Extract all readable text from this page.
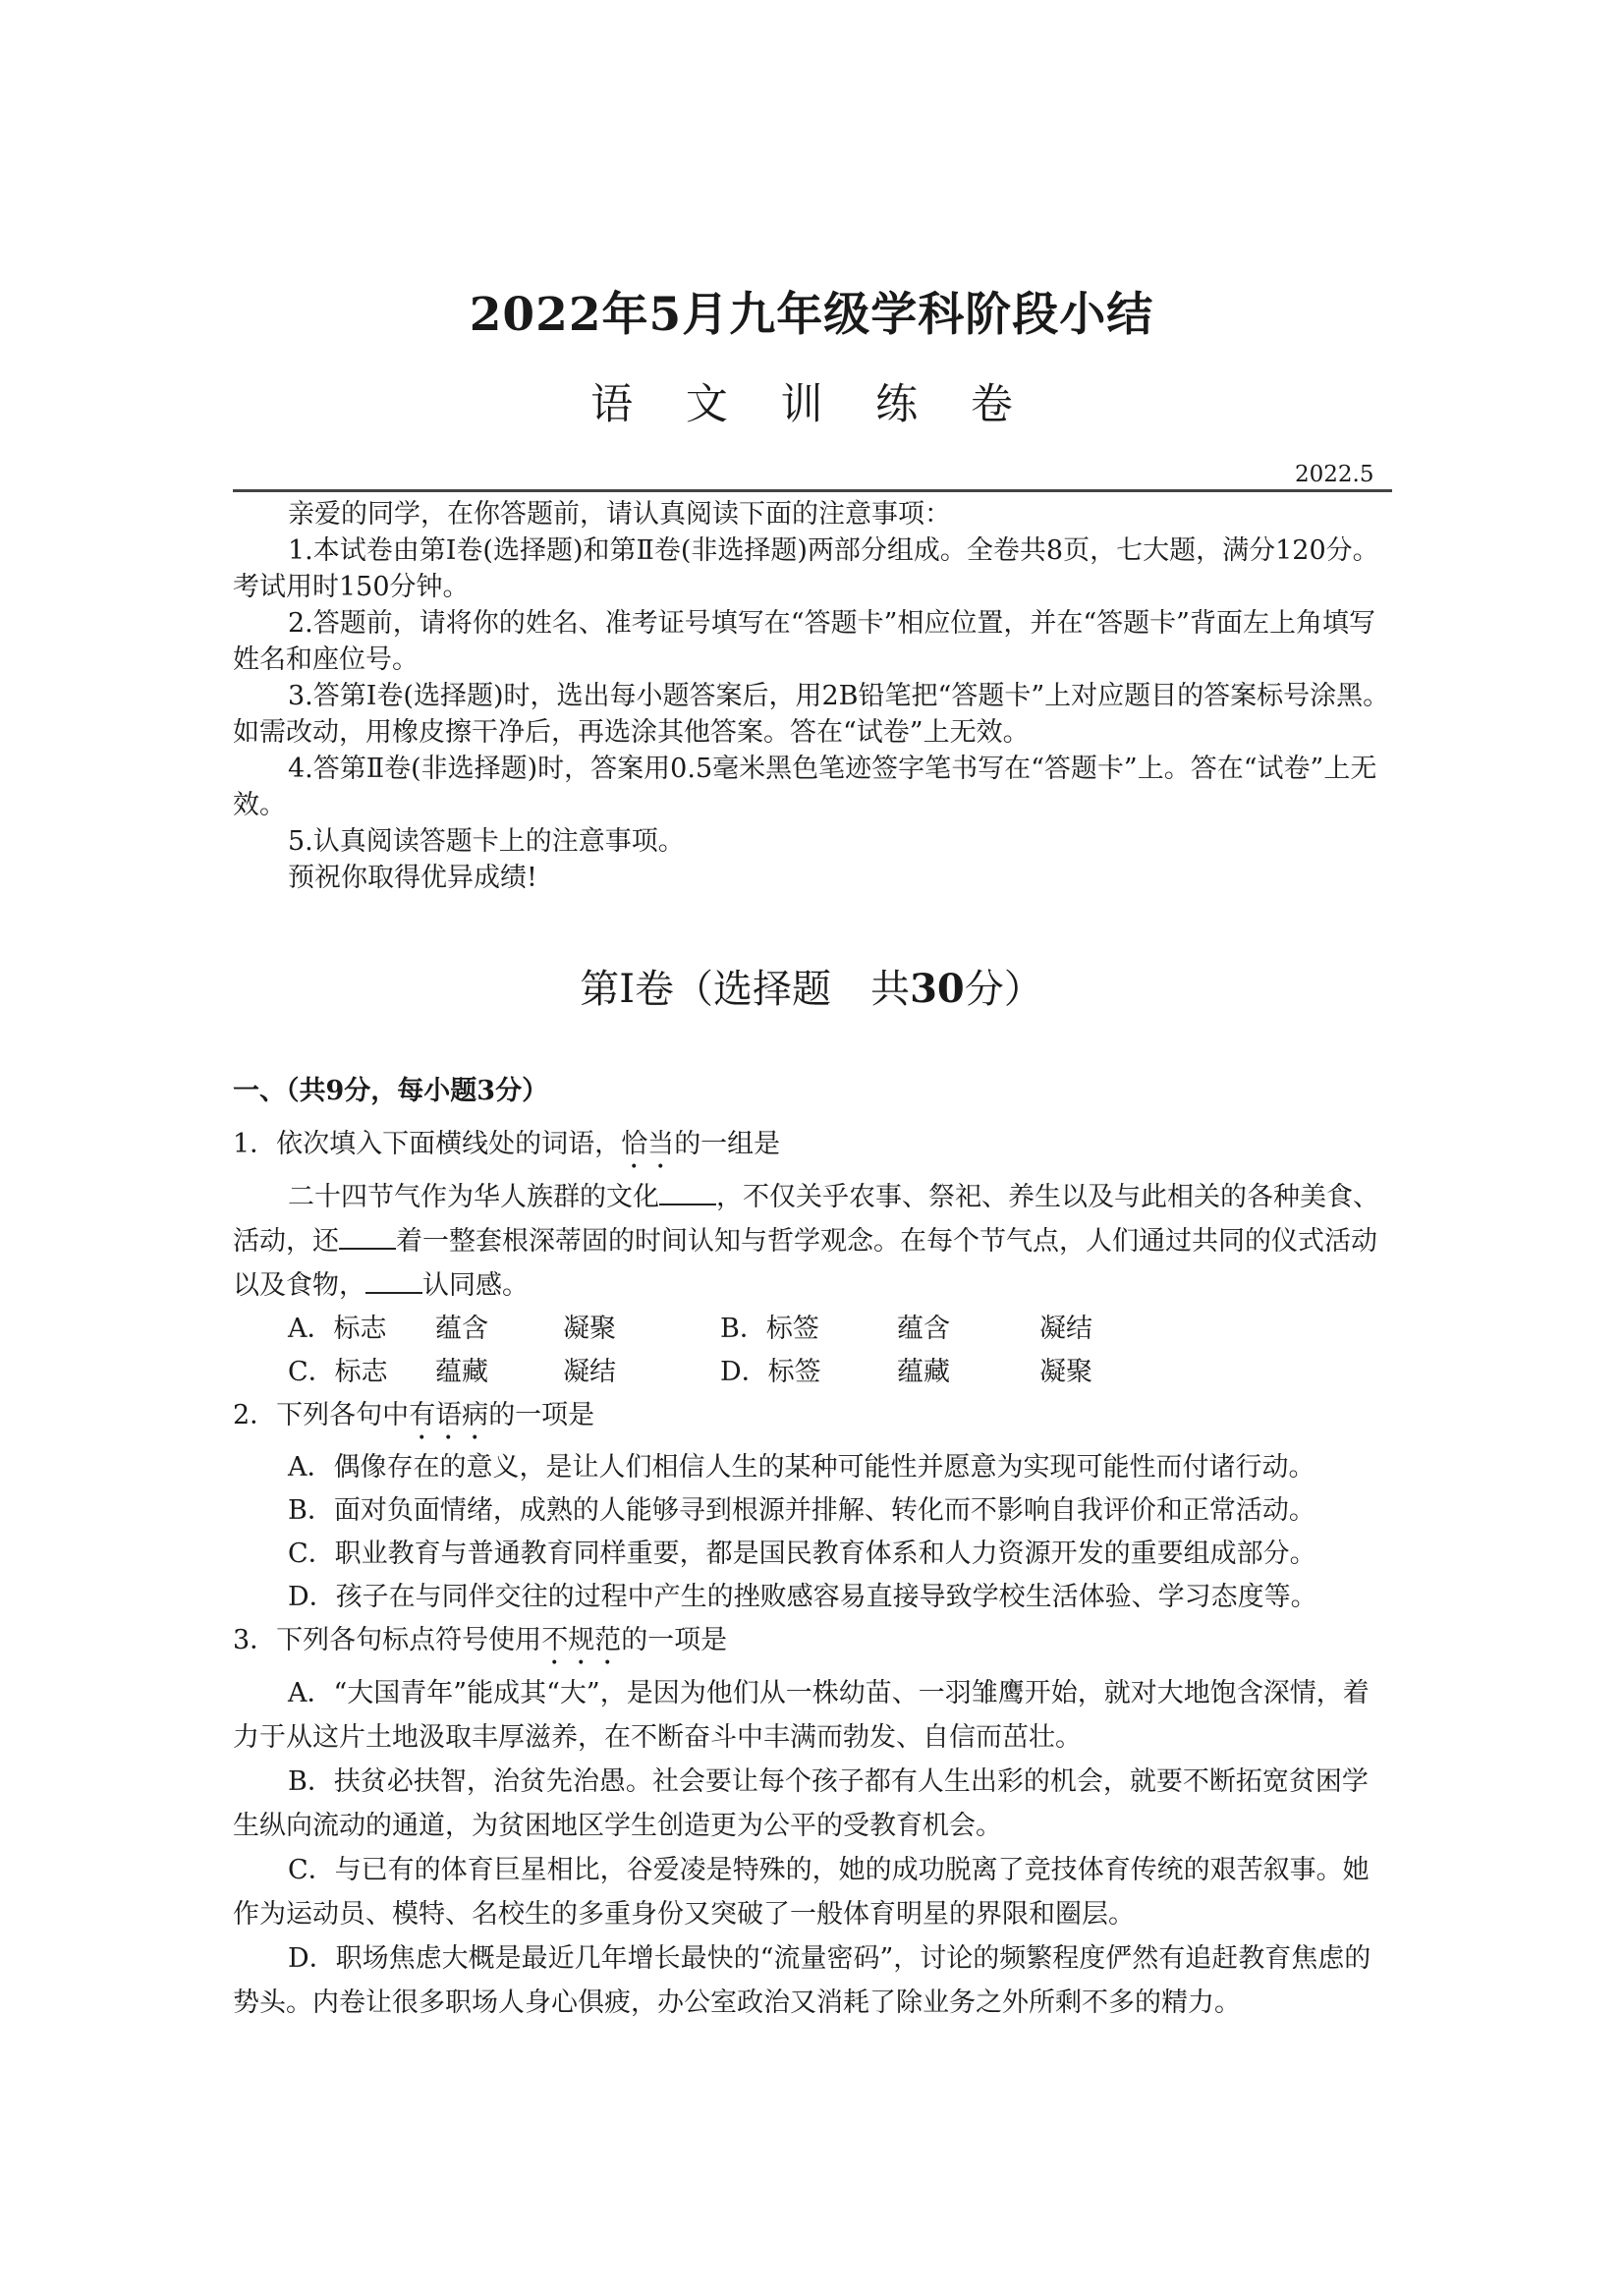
2022年5月九年级学科阶段小结
语 文 训 练 卷
2022.5

亲爱的同学，在你答题前，请认真阅读下面的注意事项：

1.本试卷由第Ⅰ卷(选择题)和第Ⅱ卷(非选择题)两部分组成。全卷共8页，七大题，满分120分。考试用时150分钟。

2.答题前，请将你的姓名、准考证号填写在“答题卡”相应位置，并在“答题卡”背面左上角填写姓名和座位号。

3.答第Ⅰ卷(选择题)时，选出每小题答案后，用2B铅笔把“答题卡”上对应题目的答案标号涂黑。如需改动，用橡皮擦干净后，再选涂其他答案。答在“试卷”上无效。

4.答第Ⅱ卷(非选择题)时，答案用0.5毫米黑色笔迹签字笔书写在“答题卡”上。答在“试卷”上无效。

5.认真阅读答题卡上的注意事项。

预祝你取得优异成绩!

第Ⅰ卷（选择题　共30分）

一、（共9分，每小题3分）

1．依次填入下面横线处的词语，恰当的一组是

二十四节气作为华人族群的文化 ，不仅关乎农事、祭祀、养生以及与此相关的各种美食、活动，还 着一整套根深蒂固的时间认知与哲学观念。在每个节气点，人们通过共同的仪式活动以及食物， 认同感。

A．标志	蕴含	凝聚	B．标签	蕴含	凝结
C．标志	蕴藏	凝结	D．标签	蕴藏	凝聚

2．下列各句中有语病的一项是

A．偶像存在的意义，是让人们相信人生的某种可能性并愿意为实现可能性而付诸行动。

B．面对负面情绪，成熟的人能够寻到根源并排解、转化而不影响自我评价和正常活动。

C．职业教育与普通教育同样重要，都是国民教育体系和人力资源开发的重要组成部分。

D．孩子在与同伴交往的过程中产生的挫败感容易直接导致学校生活体验、学习态度等。

3．下列各句标点符号使用不规范的一项是

A．“大国青年”能成其“大”，是因为他们从一株幼苗、一羽雏鹰开始，就对大地饱含深情，着力于从这片土地汲取丰厚滋养，在不断奋斗中丰满而勃发、自信而茁壮。

B．扶贫必扶智，治贫先治愚。社会要让每个孩子都有人生出彩的机会，就要不断拓宽贫困学生纵向流动的通道，为贫困地区学生创造更为公平的受教育机会。

C．与已有的体育巨星相比，谷爱凌是特殊的，她的成功脱离了竞技体育传统的艰苦叙事。她作为运动员、模特、名校生的多重身份又突破了一般体育明星的界限和圈层。

D．职场焦虑大概是最近几年增长最快的“流量密码”，讨论的频繁程度俨然有追赶教育焦虑的势头。内卷让很多职场人身心俱疲，办公室政治又消耗了除业务之外所剩不多的精力。
